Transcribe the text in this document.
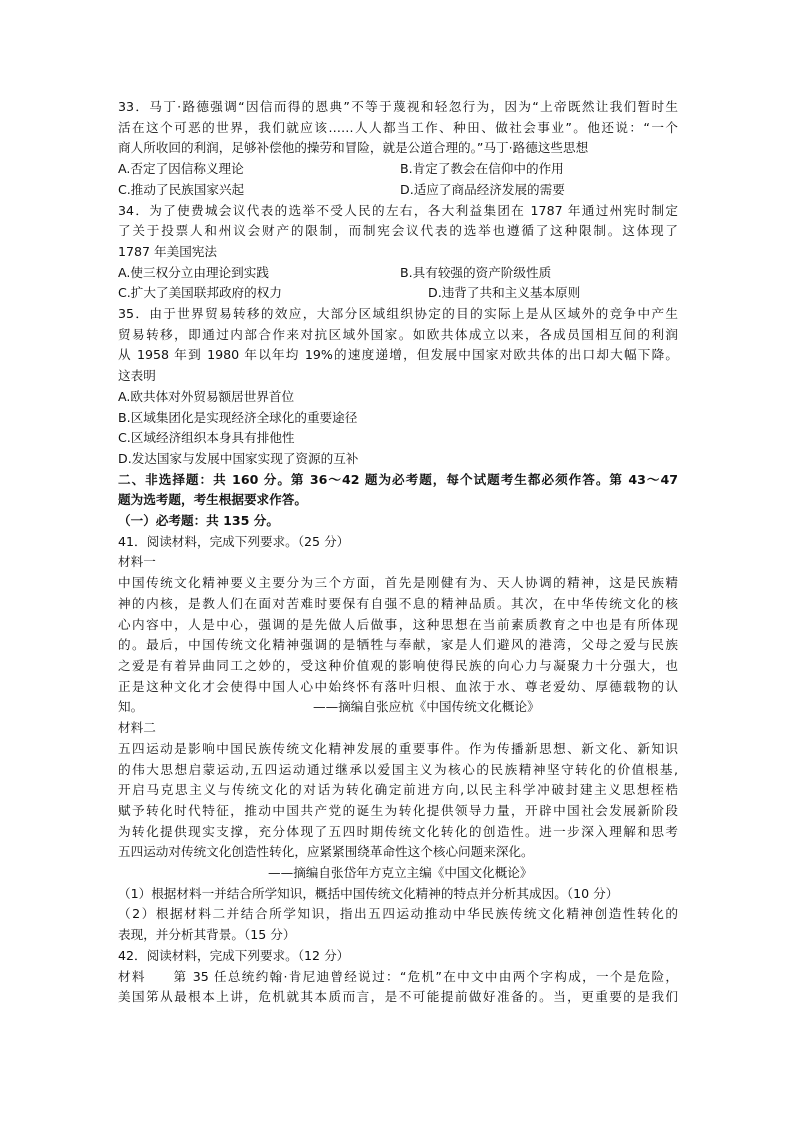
33．马丁·路德强调“因信而得的恩典”不等于蔑视和轻忽行为，因为“上帝既然让我们暂时生

活在这个可恶的世界，我们就应该……人人都当工作、种田、做社会事业”。他还说：“一个

商人所收回的利润，足够补偿他的操劳和冒险，就是公道合理的。”马丁·路德这些思想

A.否定了因信称义理论	B.肯定了教会在信仰中的作用

C.推动了民族国家兴起	D.适应了商品经济发展的需要

34．为了使费城会议代表的选举不受人民的左右，各大利益集团在 1787 年通过州宪时制定

了关于投票人和州议会财产的限制，而制宪会议代表的选举也遵循了这种限制。这体现了

1787 年美国宪法

A.使三权分立由理论到实践	B.具有较强的资产阶级性质

C.扩大了美国联邦政府的权力	D.违背了共和主义基本原则

35．由于世界贸易转移的效应，大部分区域组织协定的目的实际上是从区域外的竞争中产生

贸易转移，即通过内部合作来对抗区域外国家。如欧共体成立以来，各成员国相互间的利润

从 1958 年到 1980 年以年均 19%的速度递增，但发展中国家对欧共体的出口却大幅下降。

这表明

A.欧共体对外贸易额居世界首位

B.区域集团化是实现经济全球化的重要途径

C.区域经济组织本身具有排他性

D.发达国家与发展中国家实现了资源的互补

二、非选择题：共 160 分。第 36～42 题为必考题，每个试题考生都必须作答。第 43～47

题为选考题，考生根据要求作答。

（一）必考题：共 135 分。

41．阅读材料，完成下列要求。（25 分）

材料一

中国传统文化精神要义主要分为三个方面，首先是刚健有为、天人协调的精神，这是民族精

神的内核，是教人们在面对苦难时要保有自强不息的精神品质。其次，在中华传统文化的核

心内容中，人是中心，强调的是先做人后做事，这种思想在当前素质教育之中也是有所体现

的。最后，中国传统文化精神强调的是牺牲与奉献，家是人们避风的港湾，父母之爱与民族

之爱是有着异曲同工之妙的，受这种价值观的影响使得民族的向心力与凝聚力十分强大，也

正是这种文化才会使得中国人心中始终怀有落叶归根、血浓于水、尊老爱幼、厚德载物的认

知。	——摘编自张应杭《中国传统文化概论》

材料二

五四运动是影响中国民族传统文化精神发展的重要事件。作为传播新思想、新文化、新知识

的伟大思想启蒙运动,五四运动通过继承以爱国主义为核心的民族精神坚守转化的价值根基,

开启马克思主义与传统文化的对话为转化确定前进方向,以民主科学冲破封建主义思想桎梏

赋予转化时代特征，推动中国共产党的诞生为转化提供领导力量，开辟中国社会发展新阶段

为转化提供现实支撑，充分体现了五四时期传统文化转化的创造性。进一步深入理解和思考

五四运动对传统文化创造性转化，应紧紧围绕革命性这个核心问题来深化。

——摘编自张岱年方克立主编《中国文化概论》

（1）根据材料一并结合所学知识，概括中国传统文化精神的特点并分析其成因。（10 分）

（2）根据材料二并结合所学知识，指出五四运动推动中华民族传统文化精神创造性转化的

表现，并分析其背景。（15 分）

42．阅读材料，完成下列要求。（12 分）

材料　　第 35 任总统约翰·肯尼迪曾经说过：“危机”在中文中由两个字构成，一个是危险，

美国笫从最根本上讲，危机就其本质而言，是不可能提前做好准备的。当，更重要的是我们
